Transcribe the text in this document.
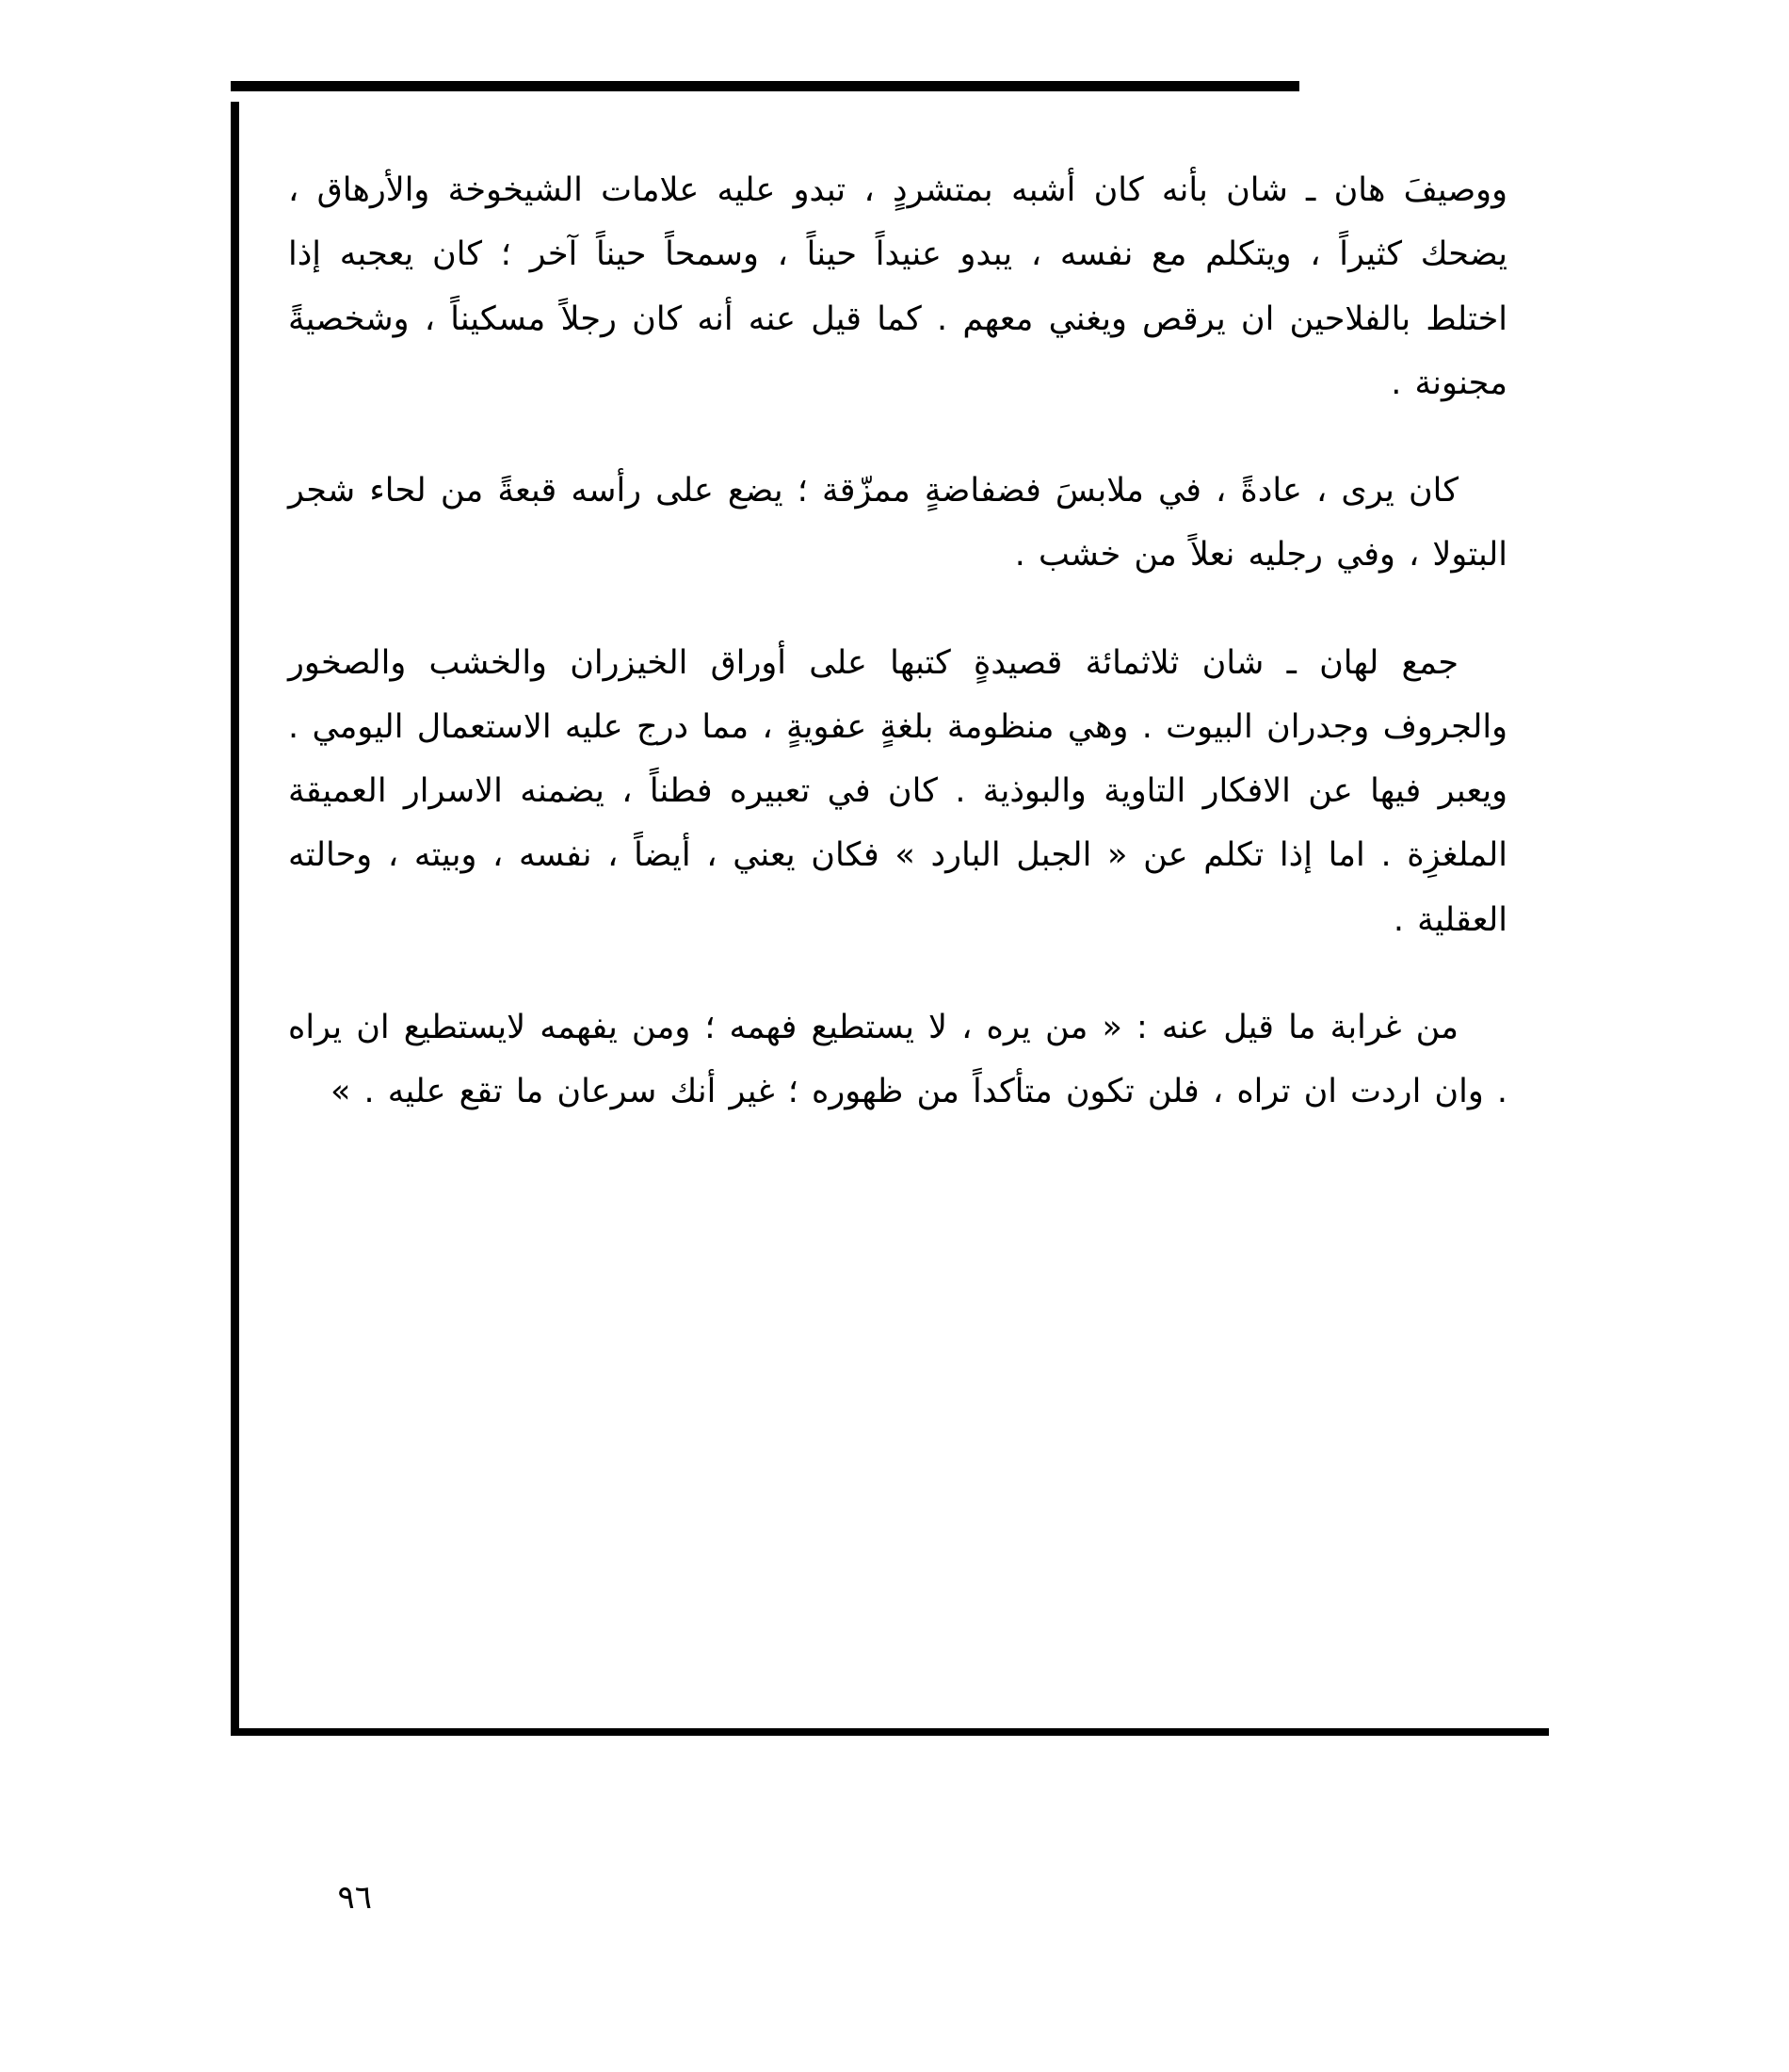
ووصيفَ هان ـ شان بأنه كان أشبه بمتشردٍ ، تبدو عليه علامات الشيخوخة والأرهاق ، يضحك كثيراً ، ويتكلم مع نفسه ، يبدو عنيداً حيناً ، وسمحاً حيناً آخر ؛ كان يعجبه إذا اختلط بالفلاحين ان يرقص ويغني معهم . كما قيل عنه أنه كان رجلاً مسكيناً ، وشخصيةً مجنونة .

كان يرى ، عادةً ، في ملابسَ فضفاضةٍ ممزّقة ؛ يضع على رأسه قبعةً من لحاء شجر البتولا ، وفي رجليه نعلاً من خشب .

جمع لهان ـ شان ثلاثمائة قصيدةٍ كتبها على أوراق الخيزران والخشب والصخور والجروف وجدران البيوت . وهي منظومة بلغةٍ عفويةٍ ، مما درج عليه الاستعمال اليومي . ويعبر فيها عن الافكار التاوية والبوذية . كان في تعبيره فطناً ، يضمنه الاسرار العميقة الملغزِة . اما إذا تكلم عن « الجبل البارد » فكان يعني ، أيضاً ، نفسه ، وبيته ، وحالته العقلية .

من غرابة ما قيل عنه : « من يره ، لا يستطيع فهمه ؛ ومن يفهمه لايستطيع ان يراه . وان اردت ان تراه ، فلن تكون متأكداً من ظهوره ؛ غير أنك سرعان ما تقع عليه . »

٩٦
